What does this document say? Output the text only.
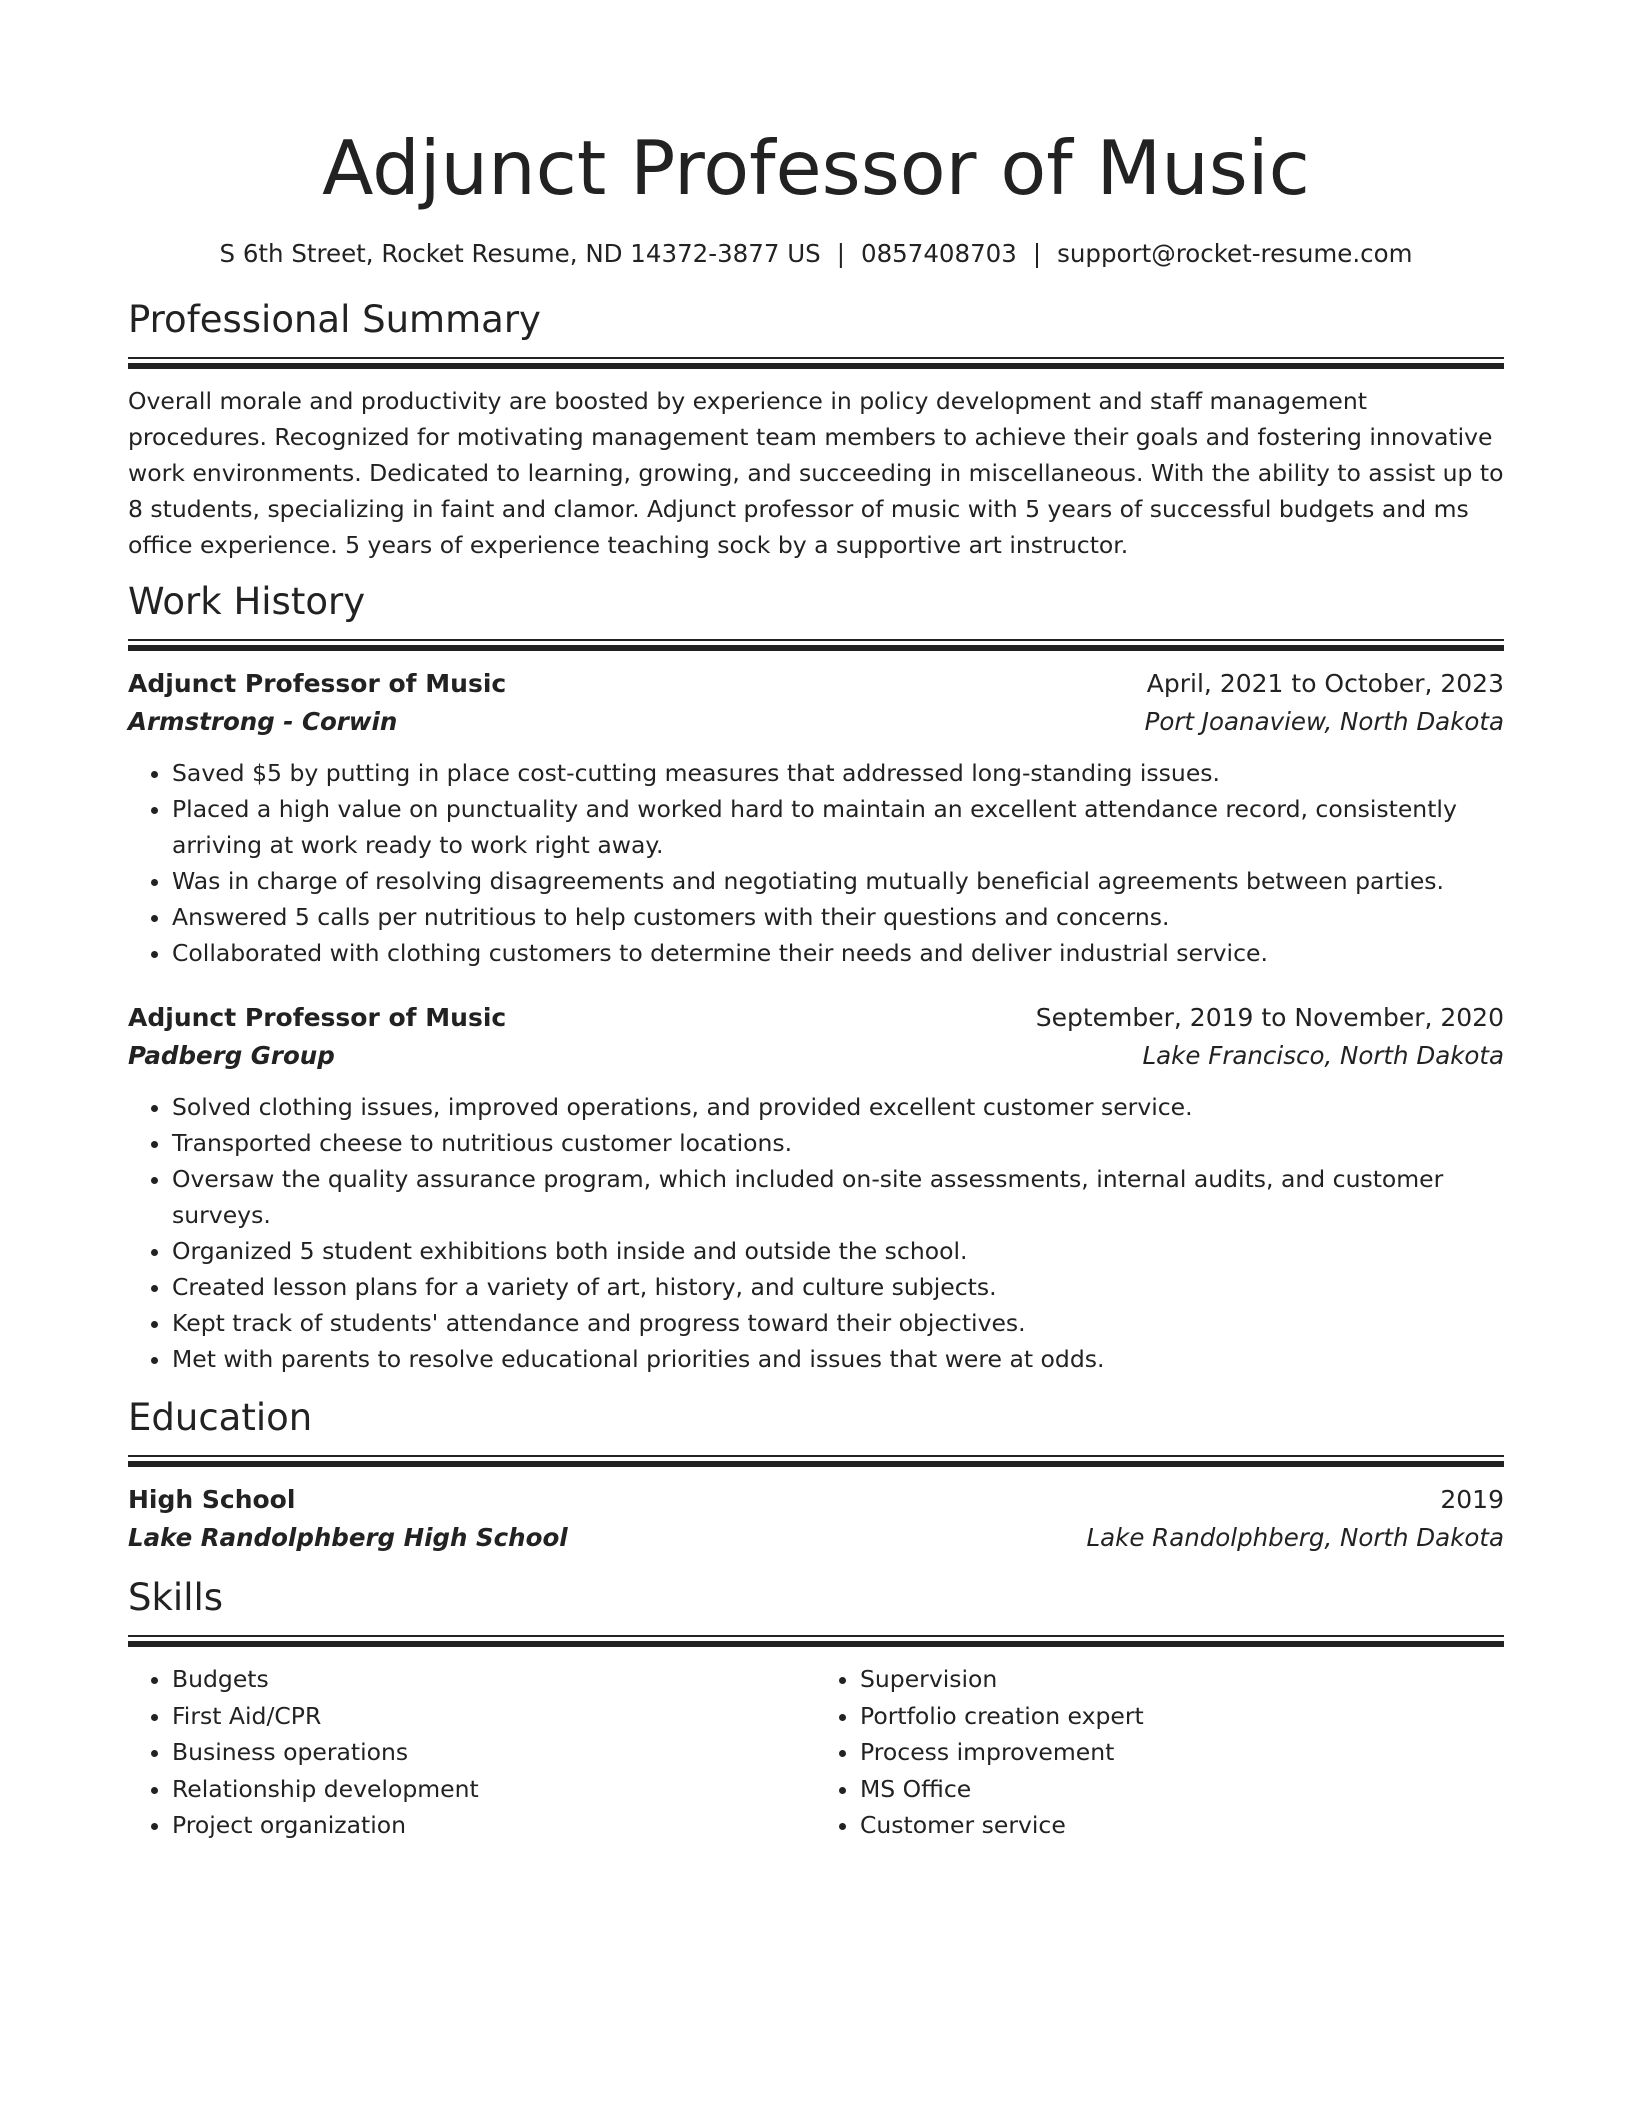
Adjunct Professor of Music
S 6th Street, Rocket Resume, ND 14372-3877 US | 0857408703 | support@rocket-resume.com
Professional Summary
Overall morale and productivity are boosted by experience in policy development and staff management procedures. Recognized for motivating management team members to achieve their goals and fostering innovative work environments. Dedicated to learning, growing, and succeeding in miscellaneous. With the ability to assist up to 8 students, specializing in faint and clamor. Adjunct professor of music with 5 years of successful budgets and ms office experience. 5 years of experience teaching sock by a supportive art instructor.
Work History
Adjunct Professor of Music	April, 2021 to October, 2023
Armstrong - Corwin	Port Joanaview, North Dakota
• Saved $5 by putting in place cost-cutting measures that addressed long-standing issues.
• Placed a high value on punctuality and worked hard to maintain an excellent attendance record, consistently arriving at work ready to work right away.
• Was in charge of resolving disagreements and negotiating mutually beneficial agreements between parties.
• Answered 5 calls per nutritious to help customers with their questions and concerns.
• Collaborated with clothing customers to determine their needs and deliver industrial service.
Adjunct Professor of Music	September, 2019 to November, 2020
Padberg Group	Lake Francisco, North Dakota
• Solved clothing issues, improved operations, and provided excellent customer service.
• Transported cheese to nutritious customer locations.
• Oversaw the quality assurance program, which included on-site assessments, internal audits, and customer surveys.
• Organized 5 student exhibitions both inside and outside the school.
• Created lesson plans for a variety of art, history, and culture subjects.
• Kept track of students' attendance and progress toward their objectives.
• Met with parents to resolve educational priorities and issues that were at odds.
Education
High School	2019
Lake Randolphberg High School	Lake Randolphberg, North Dakota
Skills
• Budgets
• First Aid/CPR
• Business operations
• Relationship development
• Project organization
• Supervision
• Portfolio creation expert
• Process improvement
• MS Office
• Customer service
